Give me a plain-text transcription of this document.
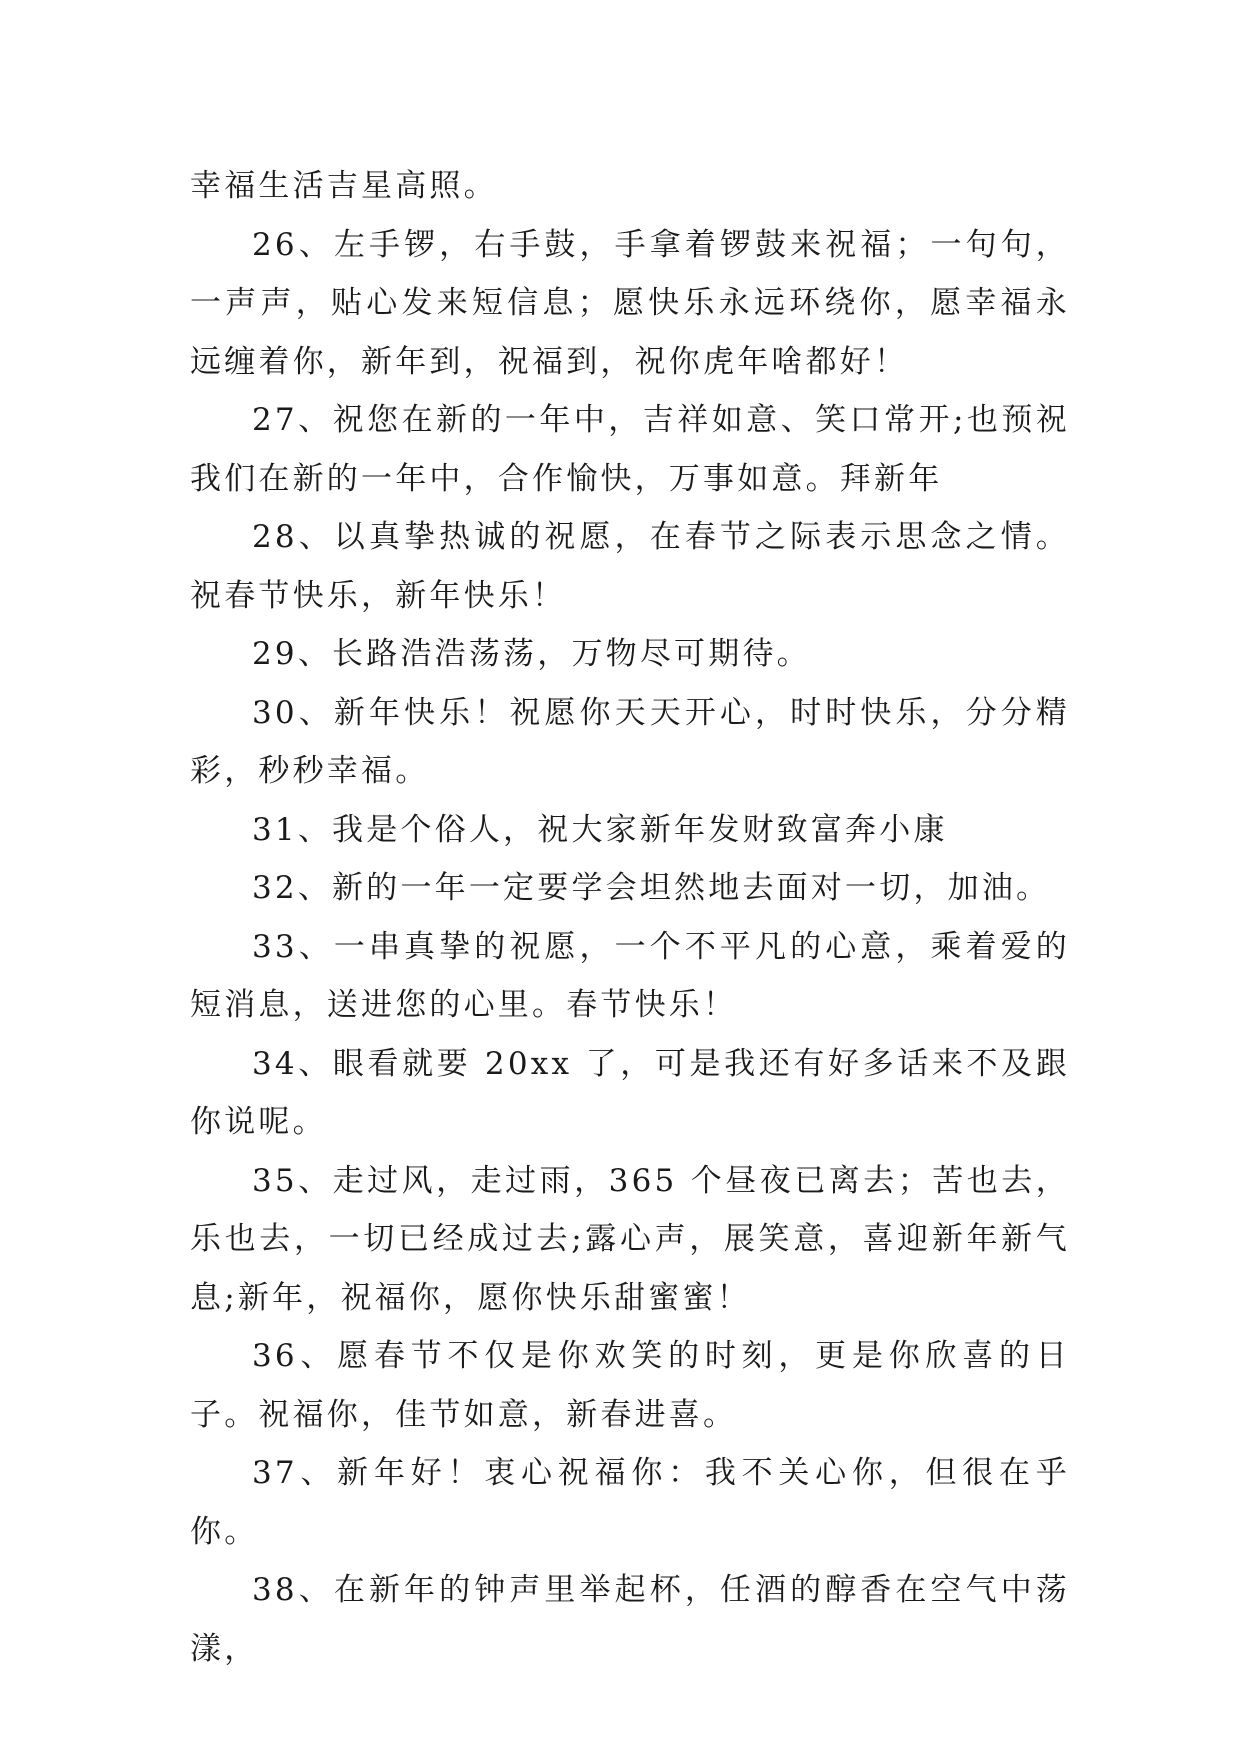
幸福生活吉星高照。

26、左手锣，右手鼓，手拿着锣鼓来祝福；一句句，一声声，贴心发来短信息；愿快乐永远环绕你，愿幸福永远缠着你，新年到，祝福到，祝你虎年啥都好！

27、祝您在新的一年中，吉祥如意、笑口常开;也预祝我们在新的一年中，合作愉快，万事如意。拜新年

28、以真挚热诚的祝愿，在春节之际表示思念之情。祝春节快乐，新年快乐！

29、长路浩浩荡荡，万物尽可期待。

30、新年快乐！祝愿你天天开心，时时快乐，分分精彩，秒秒幸福。

31、我是个俗人，祝大家新年发财致富奔小康

32、新的一年一定要学会坦然地去面对一切，加油。

33、一串真挚的祝愿，一个不平凡的心意，乘着爱的短消息，送进您的心里。春节快乐！

34、眼看就要 20xx 了，可是我还有好多话来不及跟你说呢。

35、走过风，走过雨，365 个昼夜已离去；苦也去，乐也去，一切已经成过去;露心声，展笑意，喜迎新年新气息;新年，祝福你，愿你快乐甜蜜蜜！

36、愿春节不仅是你欢笑的时刻，更是你欣喜的日子。祝福你，佳节如意，新春进喜。

37、新年好！衷心祝福你：我不关心你，但很在乎你。

38、在新年的钟声里举起杯，任酒的醇香在空气中荡漾，
